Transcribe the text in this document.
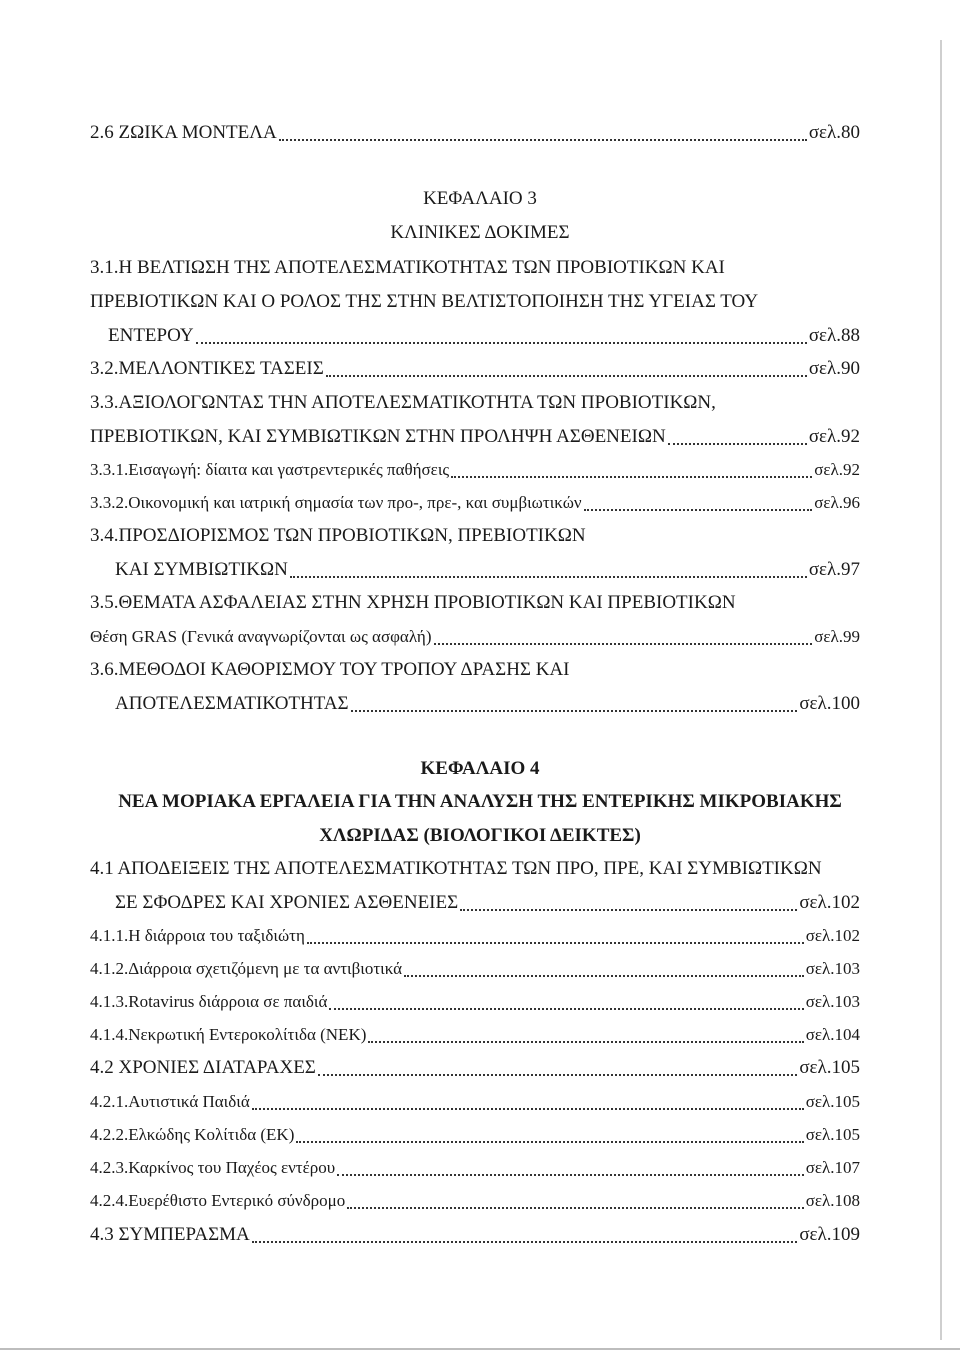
2.6 ΖΩΙΚΑ ΜΟΝΤΕΛΑ	σελ.80
ΚΕΦΑΛΑΙΟ 3
ΚΛΙΝΙΚΕΣ ΔΟΚΙΜΕΣ
3.1.Η ΒΕΛΤΙΩΣΗ ΤΗΣ ΑΠΟΤΕΛΕΣΜΑΤΙΚΟΤΗΤΑΣ ΤΩΝ ΠΡΟΒΙΟΤΙΚΩΝ ΚΑΙ
ΠΡΕΒΙΟΤΙΚΩΝ ΚΑΙ Ο ΡΟΛΟΣ ΤΗΣ ΣΤΗΝ ΒΕΛΤΙΣΤΟΠΟΙΗΣΗ ΤΗΣ ΥΓΕΙΑΣ ΤΟΥ
ΕΝΤΕΡΟΥ	σελ.88
3.2.ΜΕΛΛΟΝΤΙΚΕΣ ΤΑΣΕΙΣ	σελ.90
3.3.ΑΞΙΟΛΟΓΩΝΤΑΣ ΤΗΝ ΑΠΟΤΕΛΕΣΜΑΤΙΚΟΤΗΤΑ ΤΩΝ ΠΡΟΒΙΟΤΙΚΩΝ,
ΠΡΕΒΙΟΤΙΚΩΝ, ΚΑΙ ΣΥΜΒΙΩΤΙΚΩΝ ΣΤΗΝ ΠΡΟΛΗΨΗ ΑΣΘΕΝΕΙΩΝ	σελ.92
3.3.1.Εισαγωγή: δίαιτα και γαστρεντερικές παθήσεις	σελ.92
3.3.2.Οικονομική και ιατρική σημασία των προ-, πρε-, και συμβιωτικών	σελ.96
3.4.ΠΡΟΣΔΙΟΡΙΣΜΟΣ ΤΩΝ ΠΡΟΒΙΟΤΙΚΩΝ, ΠΡΕΒΙΟΤΙΚΩΝ
ΚΑΙ ΣΥΜΒΙΩΤΙΚΩΝ	σελ.97
3.5.ΘΕΜΑΤΑ ΑΣΦΑΛΕΙΑΣ ΣΤΗΝ ΧΡΗΣΗ ΠΡΟΒΙΟΤΙΚΩΝ ΚΑΙ ΠΡΕΒΙΟΤΙΚΩΝ
Θέση GRAS (Γενικά αναγνωρίζονται ως ασφαλή)	σελ.99
3.6.ΜΕΘΟΔΟΙ ΚΑΘΟΡΙΣΜΟΥ ΤΟΥ ΤΡΟΠΟΥ ΔΡΑΣΗΣ ΚΑΙ
ΑΠΟΤΕΛΕΣΜΑΤΙΚΟΤΗΤΑΣ	σελ.100
ΚΕΦΑΛΑΙΟ 4
ΝΕΑ ΜΟΡΙΑΚΑ ΕΡΓΑΛΕΙΑ ΓΙΑ ΤΗΝ ΑΝΑΛΥΣΗ ΤΗΣ ΕΝΤΕΡΙΚΗΣ ΜΙΚΡΟΒΙΑΚΗΣ
ΧΛΩΡΙΔΑΣ (ΒΙΟΛΟΓΙΚΟΙ ΔΕΙΚΤΕΣ)
4.1 ΑΠΟΔΕΙΞΕΙΣ ΤΗΣ ΑΠΟΤΕΛΕΣΜΑΤΙΚΟΤΗΤΑΣ ΤΩΝ ΠΡΟ, ΠΡΕ, ΚΑΙ ΣΥΜΒΙΩΤΙΚΩΝ
ΣΕ ΣΦΟΔΡΕΣ ΚΑΙ ΧΡΟΝΙΕΣ ΑΣΘΕΝΕΙΕΣ	σελ.102
4.1.1.Η διάρροια του ταξιδιώτη	σελ.102
4.1.2.Διάρροια σχετιζόμενη με τα αντιβιοτικά	σελ.103
4.1.3.Rotavirus διάρροια σε παιδιά	σελ.103
4.1.4.Νεκρωτική Εντεροκολίτιδα (ΝΕΚ)	σελ.104
4.2 ΧΡΟΝΙΕΣ ΔΙΑΤΑΡΑΧΕΣ	σελ.105
4.2.1.Αυτιστικά Παιδιά	σελ.105
4.2.2.Ελκώδης Κολίτιδα (ΕΚ)	σελ.105
4.2.3.Καρκίνος του Παχέος εντέρου	σελ.107
4.2.4.Ευερέθιστο Εντερικό σύνδρομο	σελ.108
4.3 ΣΥΜΠΕΡΑΣΜΑ	σελ.109
